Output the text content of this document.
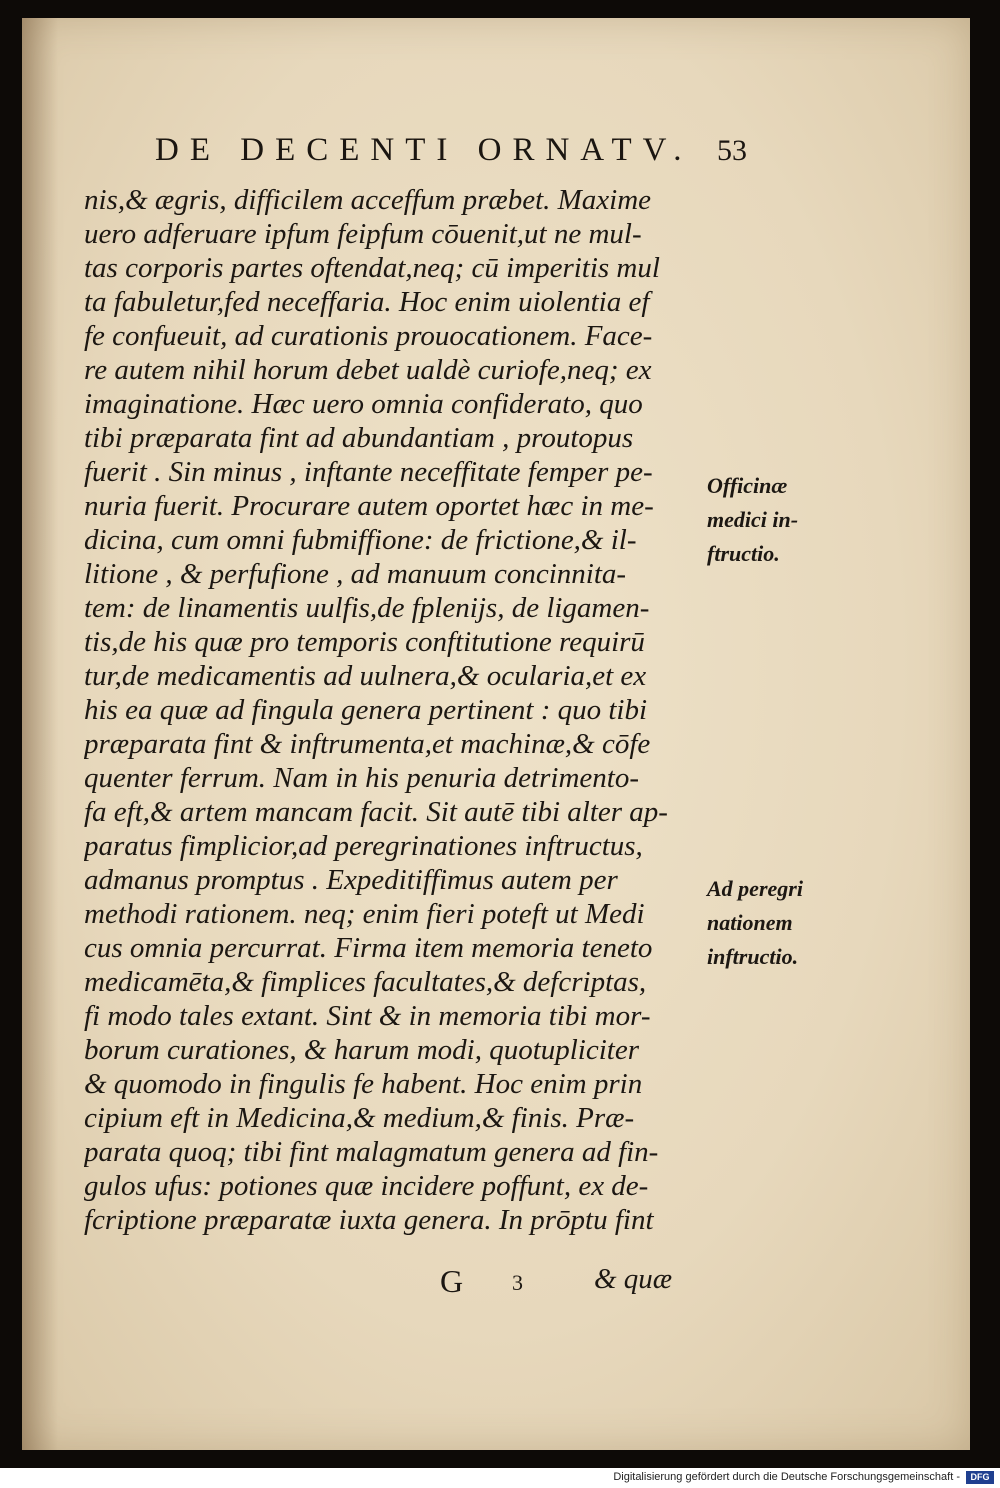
DE DECENTI ORNATV. 53
nis,& ægris, difficilem acceffum præbet. Maxime
uero adferuare ipfum feipfum cōuenit,ut ne mul-
tas corporis partes oftendat,neq; cū imperitis mul
ta fabuletur,fed neceffaria. Hoc enim uiolentia ef
fe confueuit, ad curationis prouocationem. Face-
re autem nihil horum debet ualdè curiofe,neq; ex
imaginatione. Hæc uero omnia confiderato, quo
tibi præparata fint ad abundantiam , proutopus
fuerit . Sin minus , inftante neceffitate femper pe-
nuria fuerit. Procurare autem oportet hæc in me-
dicina, cum omni fubmiffione: de frictione,& il-
litione , & perfufione , ad manuum concinnita-
tem: de linamentis uulfis,de fplenijs, de ligamen-
tis,de his quæ pro temporis conftitutione requirū
tur,de medicamentis ad uulnera,& ocularia,et ex
his ea quæ ad fingula genera pertinent : quo tibi
præparata fint & inftrumenta,et machinæ,& cōfe
quenter ferrum. Nam in his penuria detrimento-
fa eft,& artem mancam facit. Sit autē tibi alter ap-
paratus fimplicior,ad peregrinationes inftructus,
admanus promptus . Expeditiffimus autem per
methodi rationem. neq; enim fieri poteft ut Medi
cus omnia percurrat. Firma item memoria teneto
medicamēta,& fimplices facultates,& defcriptas,
fi modo tales extant. Sint & in memoria tibi mor-
borum curationes, & harum modi, quotupliciter
& quomodo in fingulis fe habent. Hoc enim prin
cipium eft in Medicina,& medium,& finis. Præ-
parata quoq; tibi fint malagmatum genera ad fin-
gulos ufus: potiones quæ incidere poffunt, ex de-
fcriptione præparatæ iuxta genera. In prōptu fint
Officinæ
medici in-
ftructio.
Ad peregri
nationem
inftructio.
G 3 & quæ
Digitalisierung gefördert durch die Deutsche Forschungsgemeinschaft -	DFG
